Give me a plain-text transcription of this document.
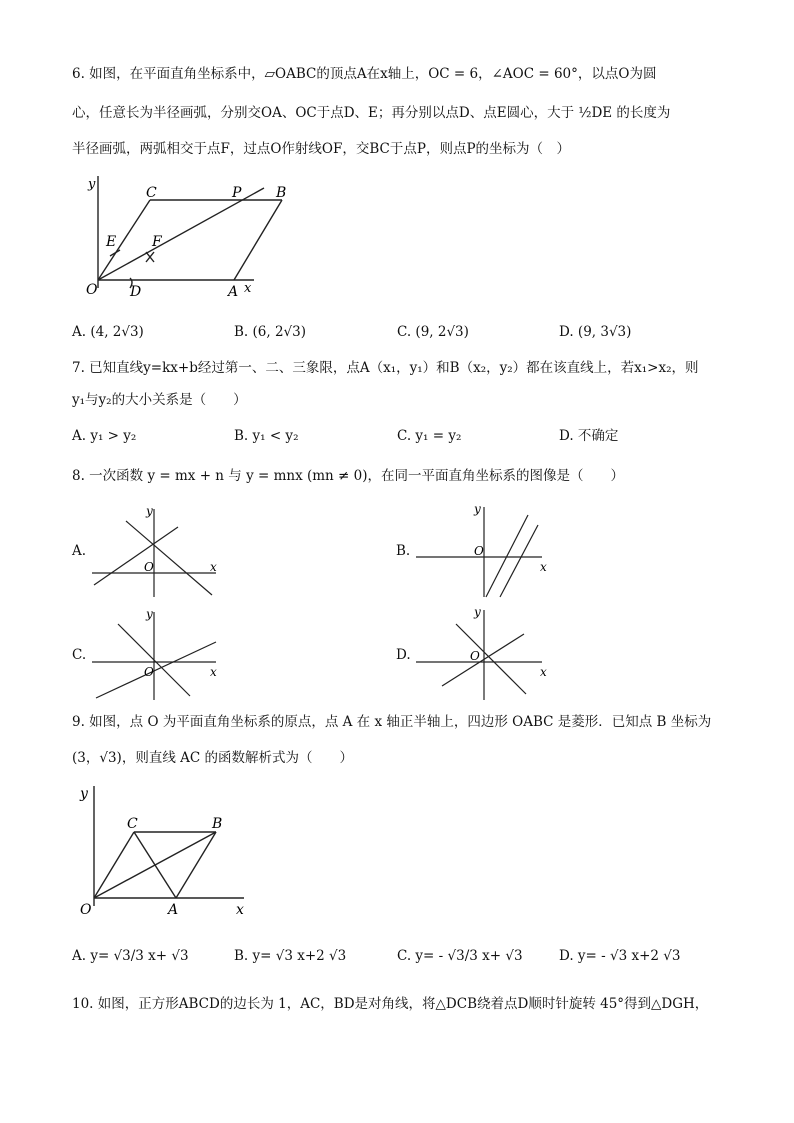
6. 如图，在平面直角坐标系中，▱OABC的顶点A在x轴上，OC = 6，∠AOC = 60°，以点O为圆
心，任意长为半径画弧，分别交OA、OC于点D、E；再分别以点D、点E圆心，大于 ½DE 的长度为
半径画弧，两弧相交于点F，过点O作射线OF，交BC于点P，则点P的坐标为（　）
C	P B
E	F
O D	A x
y
A. (4, 2√3)	B. (6, 2√3)	C. (9, 2√3)	D. (9, 3√3)
7. 已知直线y=kx+b经过第一、二、三象限，点A（x₁，y₁）和B（x₂，y₂）都在该直线上，若x₁>x₂，则
y₁与y₂的大小关系是（　　）
A. y₁ > y₂	B. y₁ < y₂	C. y₁ = y₂	D. 不确定
8. 一次函数 y = mx + n 与 y = mnx (mn ≠ 0)，在同一平面直角坐标系的图像是（　　）
A.
x
y
O
B.
x
y
O
C.
x
y
O
D.
x
y
O
9. 如图，点 O 为平面直角坐标系的原点，点 A 在 x 轴正半轴上，四边形 OABC 是菱形．已知点 B 坐标为
(3，√3)，则直线 AC 的函数解析式为（　　）
y
C	B
O	A	x
A. y= √3/3 x+ √3	B. y= √3 x+2 √3	C. y= - √3/3 x+ √3	D. y= - √3 x+2 √3
10. 如图，正方形ABCD的边长为 1，AC，BD是对角线，将△DCB绕着点D顺时针旋转 45°得到△DGH，
